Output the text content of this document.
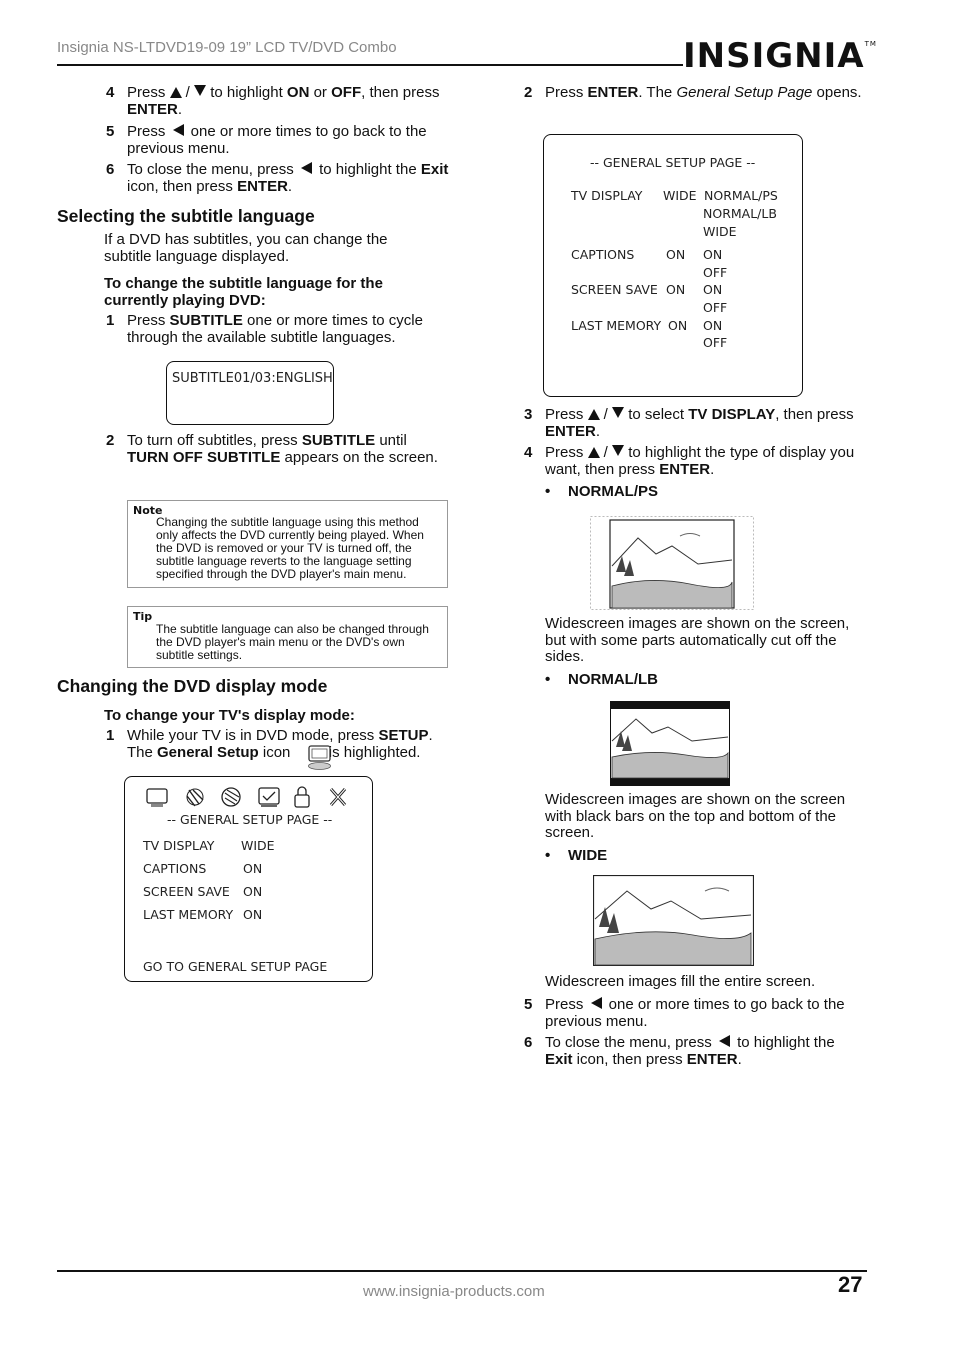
Insignia NS-LTDVD19-09 19” LCD TV/DVD Combo	INSIGNIA™
4 Press  /  to highlight ON or OFF, then press ENTER.
5 Press  one or more times to go back to the previous menu.
6 To close the menu, press  to highlight the Exit icon, then press ENTER.
Selecting the subtitle language
If a DVD has subtitles, you can change the subtitle language displayed.
To change the subtitle language for the currently playing DVD:
1 Press SUBTITLE one or more times to cycle through the available subtitle languages.
SUBTITLE01/03:ENGLISH
2 To turn off subtitles, press SUBTITLE until TURN OFF SUBTITLE appears on the screen.
Note
Changing the subtitle language using this method only affects the DVD currently being played. When the DVD is removed or your TV is turned off, the subtitle language reverts to the language setting specified through the DVD player's main menu.
Tip
The subtitle language can also be changed through the DVD player's main menu or the DVD's own subtitle settings.
Changing the DVD display mode
To change your TV's display mode:
1 While your TV is in DVD mode, press SETUP. The General Setup icon  is highlighted.
-- GENERAL SETUP PAGE --
TV DISPLAY WIDE
CAPTIONS	ON
SCREEN SAVE ON
LAST MEMORY ON
GO TO GENERAL SETUP PAGE
2 Press ENTER. The General Setup Page opens.
-- GENERAL SETUP PAGE --
TV DISPLAY WIDE NORMAL/PS
NORMAL/LB
WIDE
CAPTIONS	ON ON
OFF
SCREEN SAVE ON ON
OFF
LAST MEMORY ON ON
OFF
3 Press  /  to select TV DISPLAY, then press ENTER.
4 Press  /  to highlight the type of display you want, then press ENTER.
• NORMAL/PS
Widescreen images are shown on the screen, but with some parts automatically cut off the sides.
• NORMAL/LB
Widescreen images are shown on the screen with black bars on the top and bottom of the screen.
• WIDE
Widescreen images fill the entire screen.
5 Press  one or more times to go back to the previous menu.
6 To close the menu, press  to highlight the Exit icon, then press ENTER.
www.insignia-products.com	27
